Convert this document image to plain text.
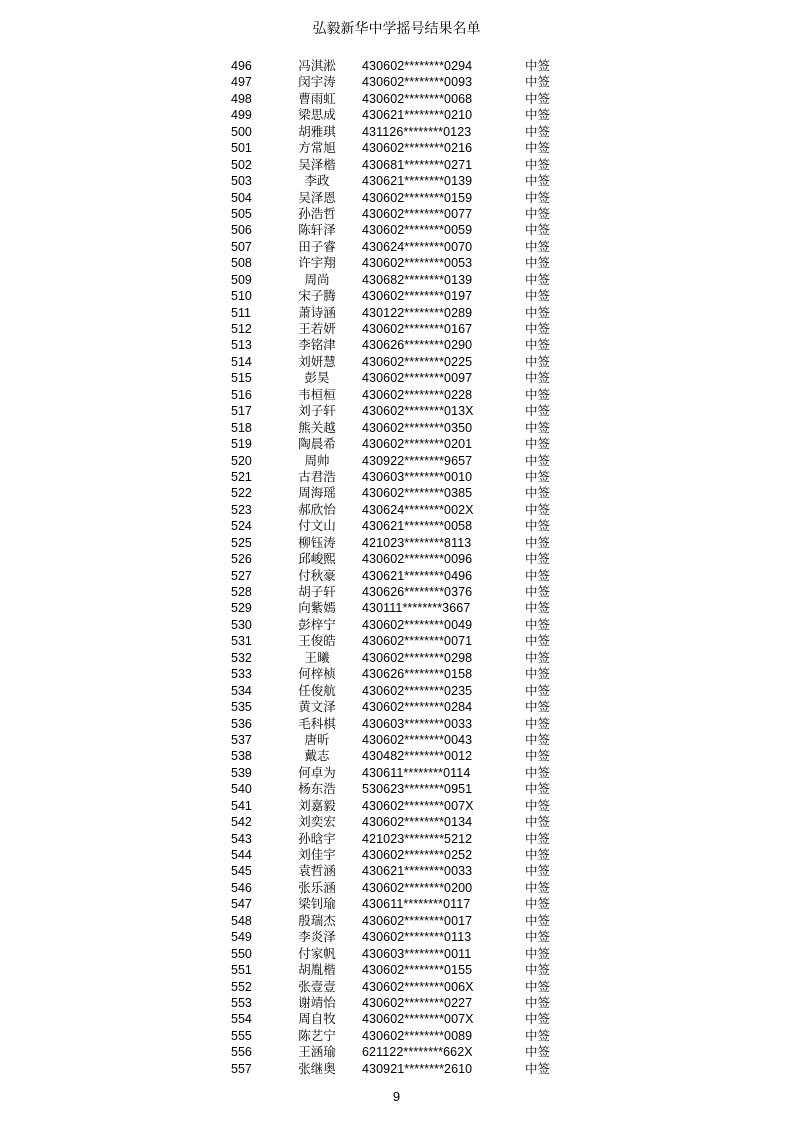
弘毅新华中学摇号结果名单
496	冯淇淞	430602********0294	中签
497	闵宇涛	430602********0093	中签
498	曹雨虹	430602********0068	中签
499	梁思成	430621********0210	中签
500	胡雅琪	431126********0123	中签
501	方常旭	430602********0216	中签
502	吴泽楷	430681********0271	中签
503	李政	430621********0139	中签
504	吴泽恩	430602********0159	中签
505	孙浩哲	430602********0077	中签
506	陈轩泽	430602********0059	中签
507	田子睿	430624********0070	中签
508	许宇翔	430602********0053	中签
509	周尚	430682********0139	中签
510	宋子腾	430602********0197	中签
511	萧诗涵	430122********0289	中签
512	王若妍	430602********0167	中签
513	李铭津	430626********0290	中签
514	刘妍慧	430602********0225	中签
515	彭昊	430602********0097	中签
516	韦桓桓	430602********0228	中签
517	刘子轩	430602********013X	中签
518	熊关越	430602********0350	中签
519	陶晨希	430602********0201	中签
520	周帅	430922********9657	中签
521	古君浩	430603********0010	中签
522	周海瑶	430602********0385	中签
523	郝欣怡	430624********002X	中签
524	付文山	430621********0058	中签
525	柳钰涛	421023********8113	中签
526	邱峻熙	430602********0096	中签
527	付秋豪	430621********0496	中签
528	胡子轩	430626********0376	中签
529	向紫嫣	430111********3667	中签
530	彭梓宁	430602********0049	中签
531	王俊皓	430602********0071	中签
532	王曦	430602********0298	中签
533	何梓桢	430626********0158	中签
534	任俊航	430602********0235	中签
535	黄文泽	430602********0284	中签
536	毛科棋	430603********0033	中签
537	唐昕	430602********0043	中签
538	戴志	430482********0012	中签
539	何卓为	430611********0114	中签
540	杨东浩	530623********0951	中签
541	刘嘉毅	430602********007X	中签
542	刘奕宏	430602********0134	中签
543	孙晗宇	421023********5212	中签
544	刘佳宇	430602********0252	中签
545	袁哲涵	430621********0033	中签
546	张乐涵	430602********0200	中签
547	梁钊瑜	430611********0117	中签
548	殷瑞杰	430602********0017	中签
549	李炎泽	430602********0113	中签
550	付家帆	430603********0011	中签
551	胡胤楷	430602********0155	中签
552	张壹壹	430602********006X	中签
553	谢靖怡	430602********0227	中签
554	周自牧	430602********007X	中签
555	陈艺宁	430602********0089	中签
556	王涵瑜	621122********662X	中签
557	张继奥	430921********2610	中签
9
